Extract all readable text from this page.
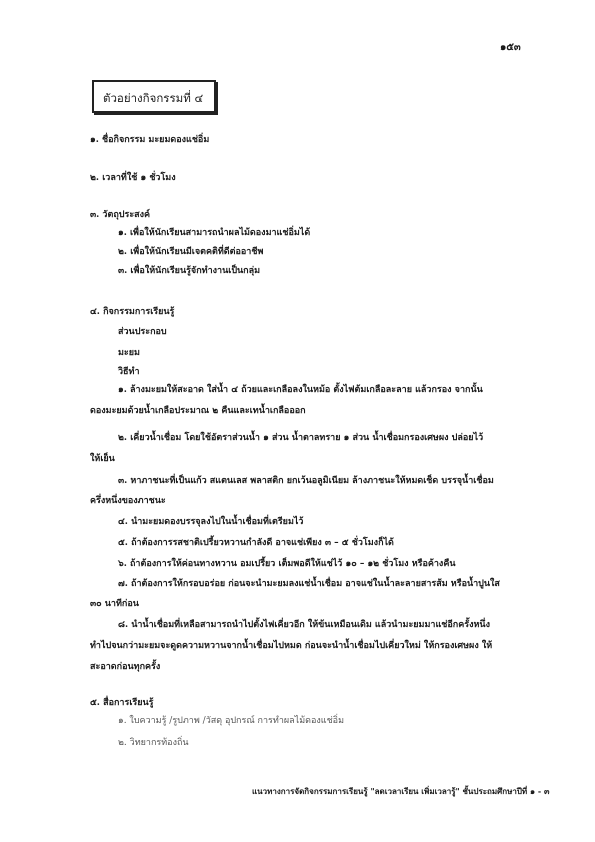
๑๕๓
ตัวอย่างกิจกรรมที่ ๔
๑. ชื่อกิจกรรม มะยมดองแช่อิ่ม
๒. เวลาที่ใช้ ๑ ชั่วโมง
๓. วัตถุประสงค์
๑. เพื่อให้นักเรียนสามารถนำผลไม้ดองมาแช่อิ่มได้
๒. เพื่อให้นักเรียนมีเจตคติที่ดีต่ออาชีพ
๓. เพื่อให้นักเรียนรู้จักทำงานเป็นกลุ่ม
๔. กิจกรรมการเรียนรู้
ส่วนประกอบ
มะยม
วิธีทำ
๑. ล้างมะยมให้สะอาด ใส่น้ำ ๔ ถ้วยและเกลือลงในหม้อ ตั้งไฟต้มเกลือละลาย แล้วกรอง จากนั้น
ดองมะยมด้วยน้ำเกลือประมาณ ๒ คืนและเทน้ำเกลือออก
๒. เคี่ยวน้ำเชื่อม โดยใช้อัตราส่วนน้ำ ๑ ส่วน น้ำตาลทราย ๑ ส่วน น้ำเชื่อมกรองเศษผง ปล่อยไว้
ให้เย็น
๓. หาภาชนะที่เป็นแก้ว สแตนเลส พลาสติก ยกเว้นอลูมิเนียม ล้างภาชนะให้หมดเช็ด บรรจุน้ำเชื่อม
ครึ่งหนึ่งของภาชนะ
๔. นำมะยมดองบรรจุลงไปในน้ำเชื่อมที่เตรียมไว้
๕. ถ้าต้องการรสชาติเปรี้ยวหวานกำลังดี อาจแช่เพียง ๓ – ๕ ชั่วโมงก็ได้
๖. ถ้าต้องการให้ค่อนทางหวาน อมเปรี้ยว เต็มพอดีให้แช่ไว้ ๑๐ – ๑๒ ชั่วโมง หรือค้างคืน
๗. ถ้าต้องการให้กรอบอร่อย ก่อนจะนำมะยมลงแช่น้ำเชื่อม อาจแช่ในน้ำละลายสารส้ม หรือน้ำปูนใส
๓๐ นาทีก่อน
๘. นำน้ำเชื่อมที่เหลือสามารถนำไปตั้งไฟเคี่ยวอีก ให้ข้นเหมือนเดิม แล้วนำมะยมมาแช่อีกครั้งหนึ่ง
ทำไปจนกว่ามะยมจะดูดความหวานจากน้ำเชื่อมไปหมด ก่อนจะนำน้ำเชื่อมไปเคี่ยวใหม่ ให้กรองเศษผง ให้
สะอาดก่อนทุกครั้ง
๕. สื่อการเรียนรู้
๑. ใบความรู้ /รูปภาพ /วัสดุ อุปกรณ์ การทำผลไม้ดองแช่อิ่ม
๒. วิทยากรท้องถิ่น
แนวทางการจัดกิจกรรมการเรียนรู้ "ลดเวลาเรียน เพิ่มเวลารู้" ชั้นประถมศึกษาปีที่ ๑ - ๓
